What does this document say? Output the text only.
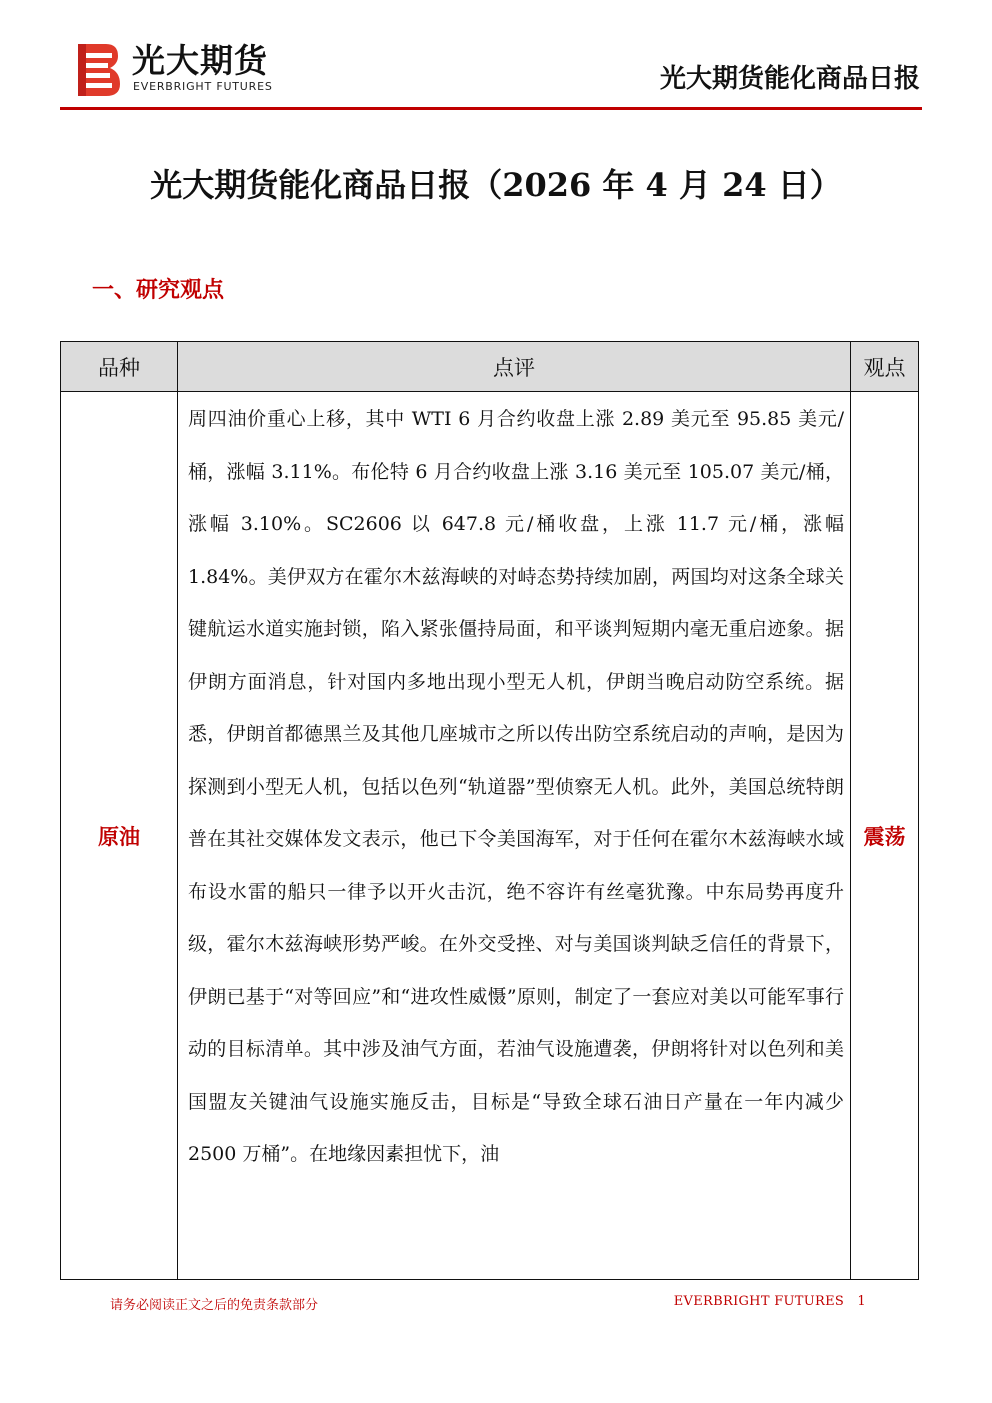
光大期货
EVERBRIGHT FUTURES	光大期货能化商品日报
光大期货能化商品日报（2026 年 4 月 24 日）
一、研究观点
品种	点评	观点
原油	周四油价重心上移，其中 WTI 6 月合约收盘上涨 2.89 美元至 95.85 美元/桶，涨幅 3.11%。布伦特 6 月合约收盘上涨 3.16 美元至 105.07 美元/桶，涨幅 3.10%。SC2606 以 647.8 元/桶收盘，上涨 11.7 元/桶，涨幅 1.84%。美伊双方在霍尔木兹海峡的对峙态势持续加剧，两国均对这条全球关键航运水道实施封锁，陷入紧张僵持局面，和平谈判短期内毫无重启迹象。据伊朗方面消息，针对国内多地出现小型无人机，伊朗当晚启动防空系统。据悉，伊朗首都德黑兰及其他几座城市之所以传出防空系统启动的声响，是因为探测到小型无人机，包括以色列“轨道器”型侦察无人机。此外，美国总统特朗普在其社交媒体发文表示，他已下令美国海军，对于任何在霍尔木兹海峡水域布设水雷的船只一律予以开火击沉，绝不容许有丝毫犹豫。中东局势再度升级，霍尔木兹海峡形势严峻。在外交受挫、对与美国谈判缺乏信任的背景下，伊朗已基于“对等回应”和“进攻性威慑”原则，制定了一套应对美以可能军事行动的目标清单。其中涉及油气方面，若油气设施遭袭，伊朗将针对以色列和美国盟友关键油气设施实施反击，目标是“导致全球石油日产量在一年内减少 2500 万桶”。在地缘因素担忧下，油	震荡
请务必阅读正文之后的免责条款部分	EVERBRIGHT FUTURES 1
